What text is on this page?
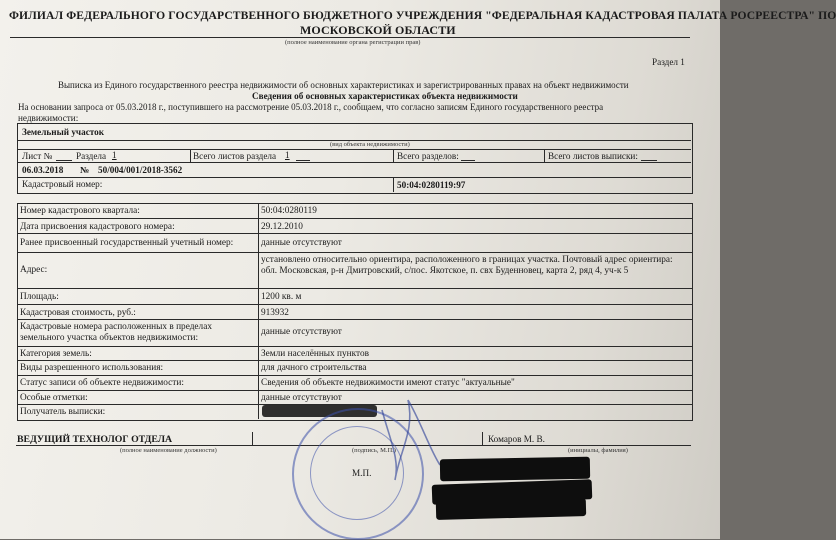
ФИЛИАЛ ФЕДЕРАЛЬНОГО ГОСУДАРСТВЕННОГО БЮДЖЕТНОГО УЧРЕЖДЕНИЯ "ФЕДЕРАЛЬНАЯ КАДАСТРОВАЯ ПАЛАТА РОСРЕЕСТРА" ПО
МОСКОВСКОЙ ОБЛАСТИ
(полное наименование органа регистрации прав)
Раздел 1
Выписка из Единого государственного реестра недвижимости об основных характеристиках и зарегистрированных правах на объект недвижимости
Сведения об основных характеристиках объекта недвижимости
На основании запроса от 05.03.2018 г., поступившего на рассмотрение 05.03.2018 г., сообщаем, что согласно записям Единого государственного реестра
недвижимости:
Земельный участок
(вид объекта недвижимости)
Лист №	Раздела 1	Всего листов раздела 1	Всего разделов:	Всего листов выписки:
06.03.2018 № 50/004/001/2018-3562
Кадастровый номер:	50:04:0280119:97
Номер кадастрового квартала:	50:04:0280119
Дата присвоения кадастрового номера:	29.12.2010
Ранее присвоенный государственный учетный номер:	данные отсутствуют
Адрес:
установлено относительно ориентира, расположенного в границах участка. Почтовый адрес ориентира: обл. Московская, р-н Дмитровский, с/пос. Якотское, п. свх Буденновец, карта 2, ряд 4, уч-к 5
Площадь:	1200 кв. м
Кадастровая стоимость, руб.:	913932
Кадастровые номера расположенных в пределах земельного участка объектов недвижимости:
данные отсутствуют
Категория земель:	Земли населённых пунктов
Виды разрешенного использования:	для дачного строительства
Статус записи об объекте недвижимости:	Сведения об объекте недвижимости имеют статус "актуальные"
Особые отметки:	данные отсутствуют
Получатель выписки:
ВЕДУЩИЙ ТЕХНОЛОГ ОТДЕЛА
(полное наименование должности)	(подпись, М.П.)
Комаров М. В.
(инициалы, фамилия)
М.П.
